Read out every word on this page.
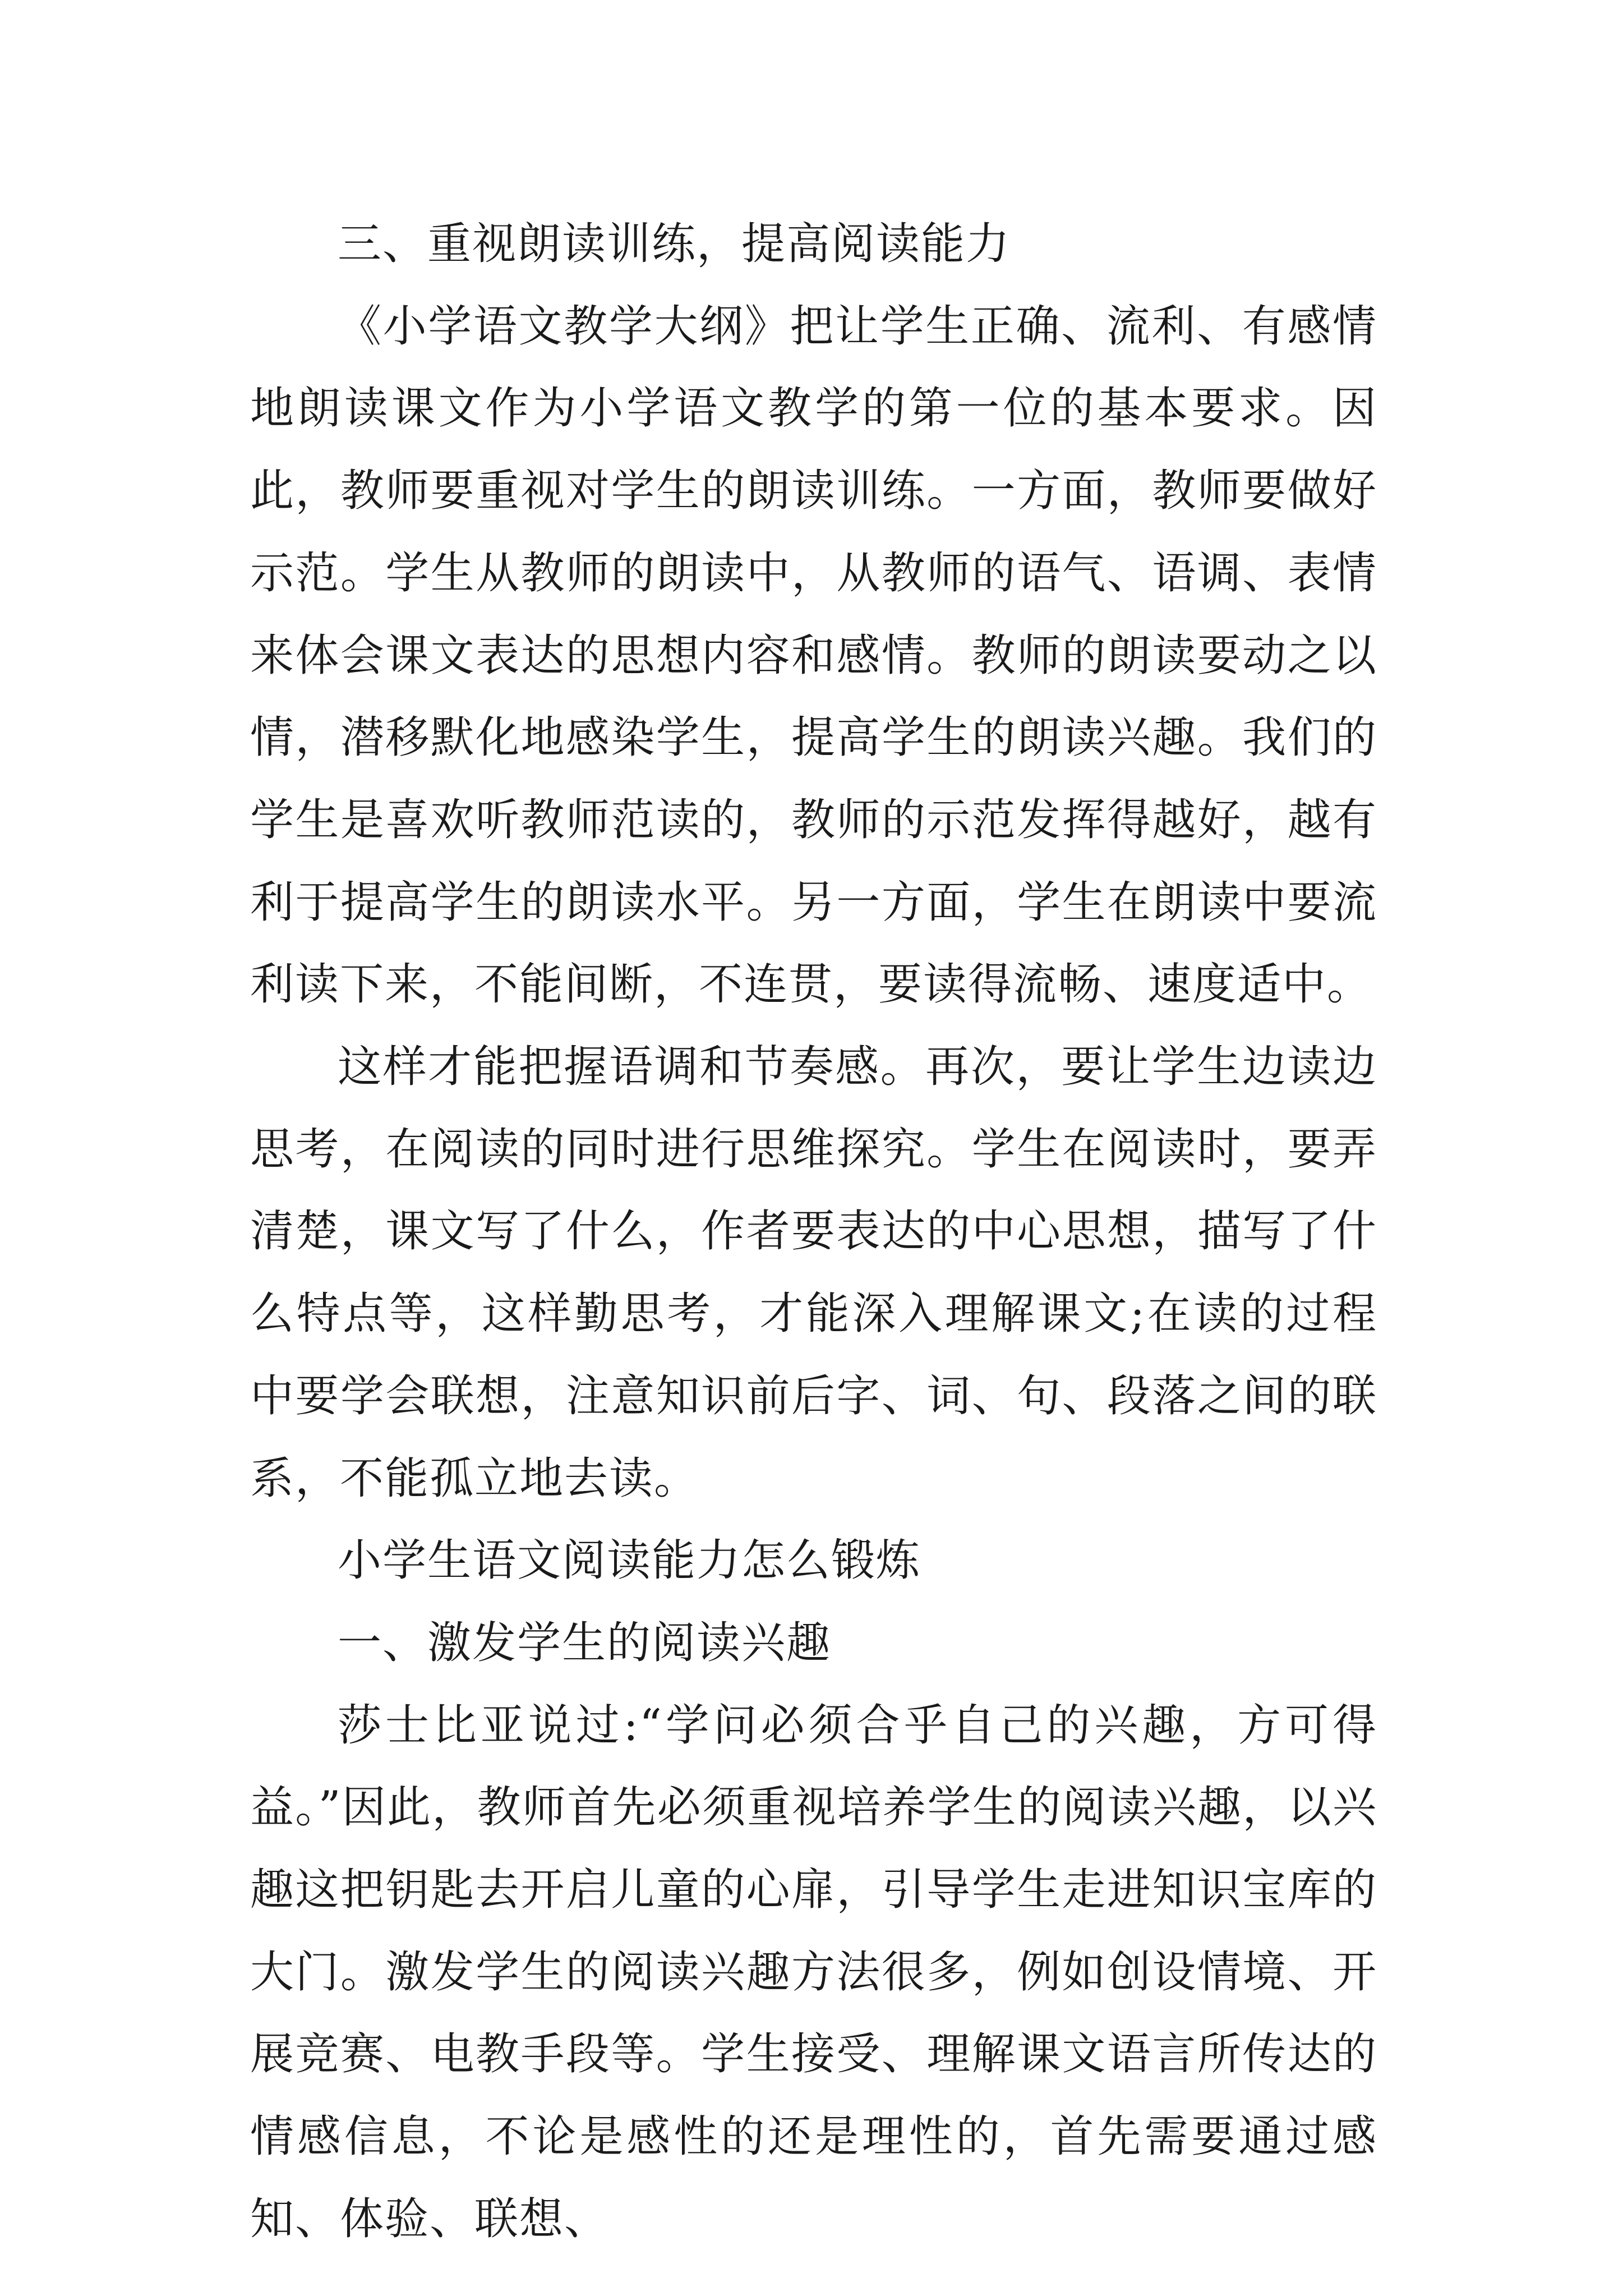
三、重视朗读训练，提高阅读能力

《小学语文教学大纲》把让学生正确、流利、有感情地朗读课文作为小学语文教学的第一位的基本要求。因此，教师要重视对学生的朗读训练。一方面，教师要做好示范。学生从教师的朗读中，从教师的语气、语调、表情来体会课文表达的思想内容和感情。教师的朗读要动之以情，潜移默化地感染学生，提高学生的朗读兴趣。我们的学生是喜欢听教师范读的，教师的示范发挥得越好，越有利于提高学生的朗读水平。另一方面，学生在朗读中要流利读下来，不能间断，不连贯，要读得流畅、速度适中。

这样才能把握语调和节奏感。再次，要让学生边读边思考，在阅读的同时进行思维探究。学生在阅读时，要弄清楚，课文写了什么，作者要表达的中心思想，描写了什么特点等，这样勤思考，才能深入理解课文;在读的过程中要学会联想，注意知识前后字、词、句、段落之间的联系，不能孤立地去读。

小学生语文阅读能力怎么锻炼

一、激发学生的阅读兴趣

莎士比亚说过:“学问必须合乎自己的兴趣，方可得益。”因此，教师首先必须重视培养学生的阅读兴趣，以兴趣这把钥匙去开启儿童的心扉，引导学生走进知识宝库的大门。激发学生的阅读兴趣方法很多，例如创设情境、开展竞赛、电教手段等。学生接受、理解课文语言所传达的情感信息，不论是感性的还是理性的，首先需要通过感知、体验、联想、
